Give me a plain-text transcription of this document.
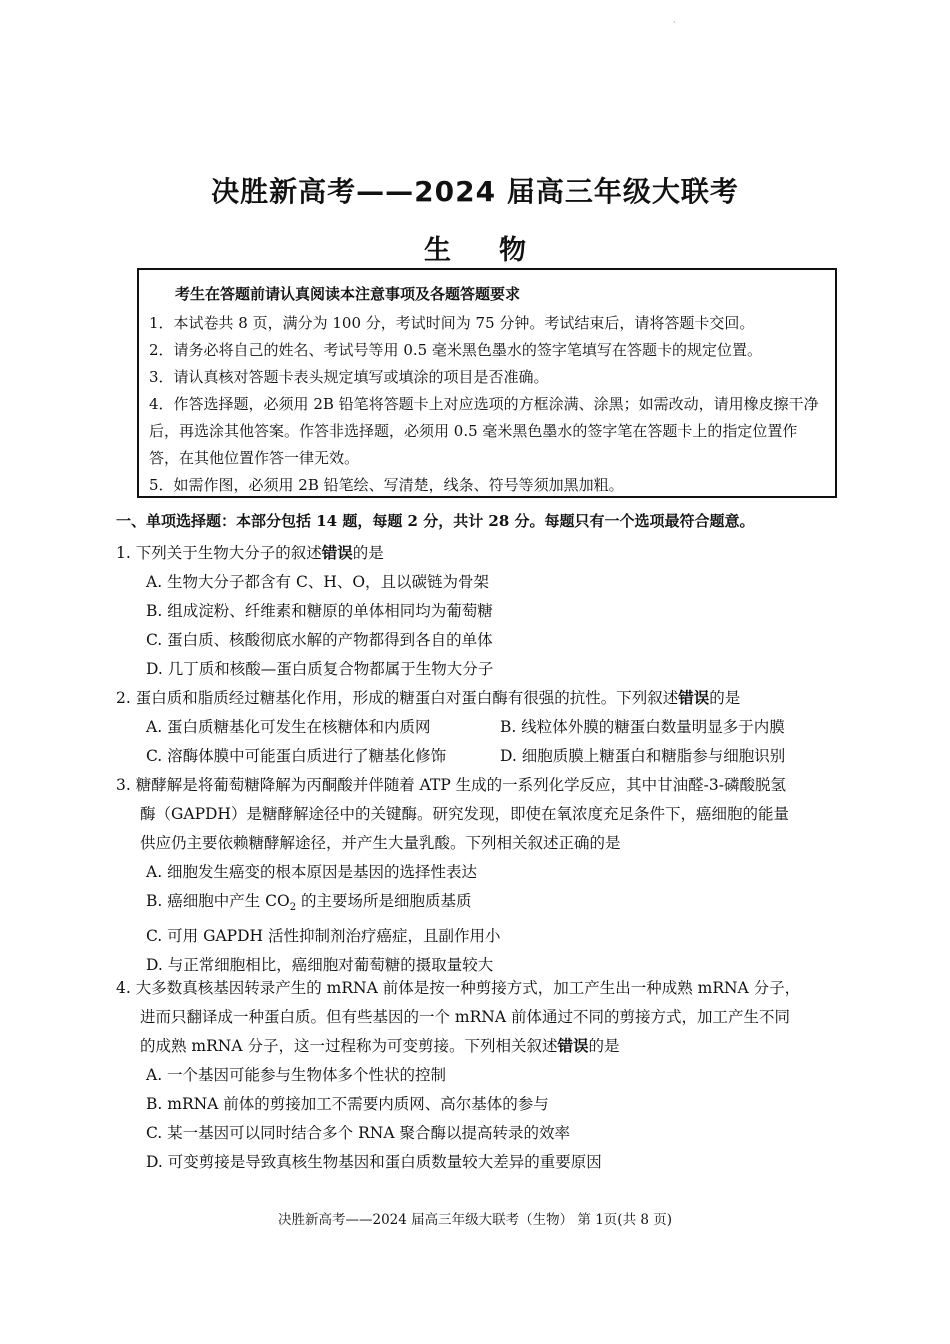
·
决胜新高考——2024 届高三年级大联考
生物
考生在答题前请认真阅读本注意事项及各题答题要求
1．本试卷共 8 页，满分为 100 分，考试时间为 75 分钟。考试结束后，请将答题卡交回。
2．请务必将自己的姓名、考试号等用 0.5 毫米黑色墨水的签字笔填写在答题卡的规定位置。
3．请认真核对答题卡表头规定填写或填涂的项目是否准确。
4．作答选择题，必须用 2B 铅笔将答题卡上对应选项的方框涂满、涂黑；如需改动，请用橡皮擦干净后，再选涂其他答案。作答非选择题，必须用 0.5 毫米黑色墨水的签字笔在答题卡上的指定位置作答，在其他位置作答一律无效。
5．如需作图，必须用 2B 铅笔绘、写清楚，线条、符号等须加黑加粗。
一、单项选择题：本部分包括 14 题，每题 2 分，共计 28 分。每题只有一个选项最符合题意。
1. 下列关于生物大分子的叙述错误的是
A. 生物大分子都含有 C、H、O，且以碳链为骨架
B. 组成淀粉、纤维素和糖原的单体相同均为葡萄糖
C. 蛋白质、核酸彻底水解的产物都得到各自的单体
D. 几丁质和核酸—蛋白质复合物都属于生物大分子
2. 蛋白质和脂质经过糖基化作用，形成的糖蛋白对蛋白酶有很强的抗性。下列叙述错误的是
A. 蛋白质糖基化可发生在核糖体和内质网	B. 线粒体外膜的糖蛋白数量明显多于内膜
C. 溶酶体膜中可能蛋白质进行了糖基化修饰	D. 细胞质膜上糖蛋白和糖脂参与细胞识别
3. 糖酵解是将葡萄糖降解为丙酮酸并伴随着 ATP 生成的一系列化学反应，其中甘油醛-3-磷酸脱氢
酶（GAPDH）是糖酵解途径中的关键酶。研究发现，即使在氧浓度充足条件下，癌细胞的能量
供应仍主要依赖糖酵解途径，并产生大量乳酸。下列相关叙述正确的是
A. 细胞发生癌变的根本原因是基因的选择性表达
B. 癌细胞中产生 $CO_2$ 的主要场所是细胞质基质
C. 可用 GAPDH 活性抑制剂治疗癌症，且副作用小
D. 与正常细胞相比，癌细胞对葡萄糖的摄取量较大
4. 大多数真核基因转录产生的 mRNA 前体是按一种剪接方式，加工产生出一种成熟 mRNA 分子，
进而只翻译成一种蛋白质。但有些基因的一个 mRNA 前体通过不同的剪接方式，加工产生不同
的成熟 mRNA 分子，这一过程称为可变剪接。下列相关叙述错误的是
A. 一个基因可能参与生物体多个性状的控制
B. mRNA 前体的剪接加工不需要内质网、高尔基体的参与
C. 某一基因可以同时结合多个 RNA 聚合酶以提高转录的效率
D. 可变剪接是导致真核生物基因和蛋白质数量较大差异的重要原因
决胜新高考——2024 届高三年级大联考（生物） 第 1页(共 8 页)
